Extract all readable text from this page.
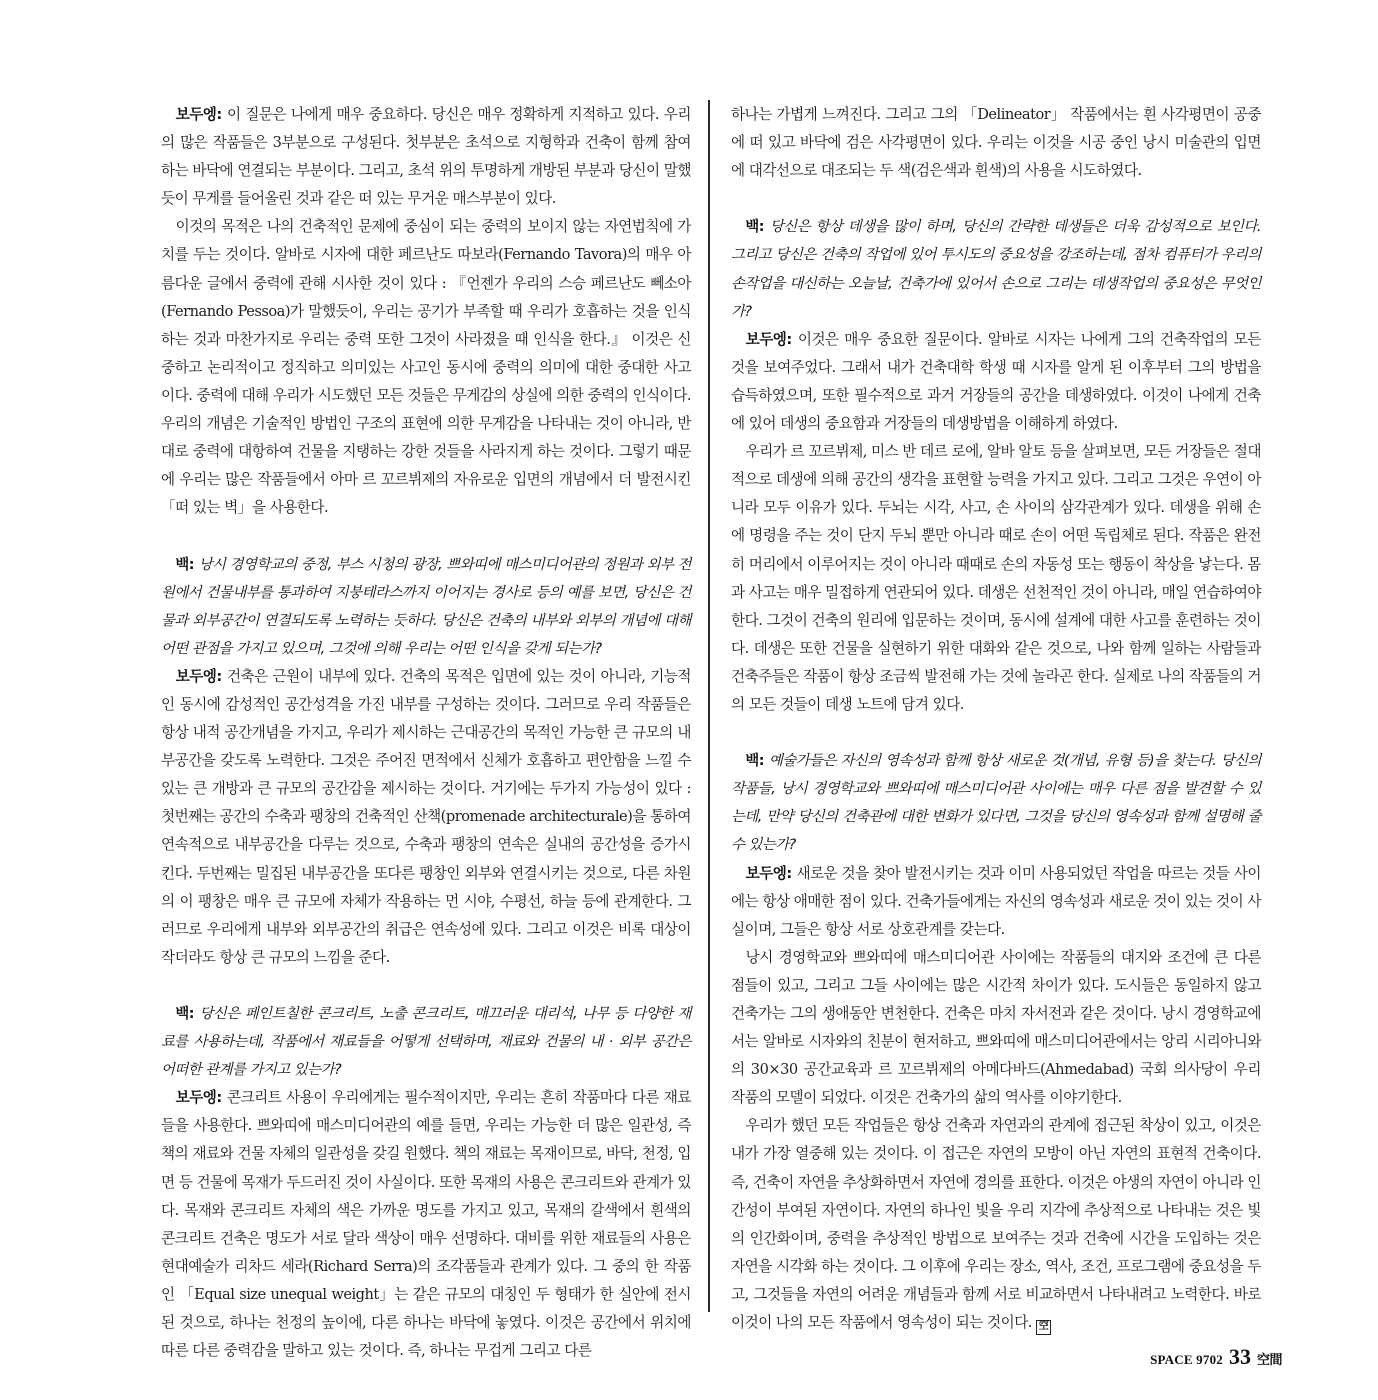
보두엥: 이 질문은 나에게 매우 중요하다. 당신은 매우 정확하게 지적하고 있다. 우리의 많은 작품들은 3부분으로 구성된다. 첫부분은 초석으로 지형학과 건축이 함께 참여하는 바닥에 연결되는 부분이다. 그리고, 초석 위의 투명하게 개방된 부분과 당신이 말했듯이 무게를 들어올린 것과 같은 떠 있는 무거운 매스부분이 있다.

이것의 목적은 나의 건축적인 문제에 중심이 되는 중력의 보이지 않는 자연법칙에 가치를 두는 것이다. 알바로 시자에 대한 페르난도 따보라(Fernando Tavora)의 매우 아름다운 글에서 중력에 관해 시사한 것이 있다 : 『언젠가 우리의 스승 페르난도 뻬소아(Fernando Pessoa)가 말했듯이, 우리는 공기가 부족할 때 우리가 호흡하는 것을 인식하는 것과 마찬가지로 우리는 중력 또한 그것이 사라졌을 때 인식을 한다.』 이것은 신중하고 논리적이고 정직하고 의미있는 사고인 동시에 중력의 의미에 대한 중대한 사고이다. 중력에 대해 우리가 시도했던 모든 것들은 무게감의 상실에 의한 중력의 인식이다. 우리의 개념은 기술적인 방법인 구조의 표현에 의한 무게감을 나타내는 것이 아니라, 반대로 중력에 대항하여 건물을 지탱하는 강한 것들을 사라지게 하는 것이다. 그렇기 때문에 우리는 많은 작품들에서 아마 르 꼬르뷔제의 자유로운 입면의 개념에서 더 발전시킨 「떠 있는 벽」을 사용한다.

백: 낭시 경영학교의 중정, 부스 시청의 광장, 쁘와띠에 매스미디어관의 정원과 외부 전원에서 건물내부를 통과하여 지붕테라스까지 이어지는 경사로 등의 예를 보면, 당신은 건물과 외부공간이 연결되도록 노력하는 듯하다. 당신은 건축의 내부와 외부의 개념에 대해 어떤 관점을 가지고 있으며, 그것에 의해 우리는 어떤 인식을 갖게 되는가?

보두엥: 건축은 근원이 내부에 있다. 건축의 목적은 입면에 있는 것이 아니라, 기능적인 동시에 감성적인 공간성격을 가진 내부를 구성하는 것이다. 그러므로 우리 작품들은 항상 내적 공간개념을 가지고, 우리가 제시하는 근대공간의 목적인 가능한 큰 규모의 내부공간을 갖도록 노력한다. 그것은 주어진 면적에서 신체가 호흡하고 편안함을 느낄 수 있는 큰 개방과 큰 규모의 공간감을 제시하는 것이다. 거기에는 두가지 가능성이 있다 : 첫번째는 공간의 수축과 팽창의 건축적인 산책(promenade architecturale)을 통하여 연속적으로 내부공간을 다루는 것으로, 수축과 팽창의 연속은 실내의 공간성을 증가시킨다. 두번째는 밀집된 내부공간을 또다른 팽창인 외부와 연결시키는 것으로, 다른 차원의 이 팽창은 매우 큰 규모에 자체가 작용하는 먼 시야, 수평선, 하늘 등에 관계한다. 그러므로 우리에게 내부와 외부공간의 취급은 연속성에 있다. 그리고 이것은 비록 대상이 작더라도 항상 큰 규모의 느낌을 준다.

백: 당신은 페인트칠한 콘크리트, 노출 콘크리트, 매끄러운 대리석, 나무 등 다양한 재료를 사용하는데, 작품에서 재료들을 어떻게 선택하며, 재료와 건물의 내 · 외부 공간은 어떠한 관계를 가지고 있는가?

보두엥: 콘크리트 사용이 우리에게는 필수적이지만, 우리는 흔히 작품마다 다른 재료들을 사용한다. 쁘와띠에 매스미디어관의 예를 들면, 우리는 가능한 더 많은 일관성, 즉 책의 재료와 건물 자체의 일관성을 갖길 원했다. 책의 재료는 목재이므로, 바닥, 천정, 입면 등 건물에 목재가 두드러진 것이 사실이다. 또한 목재의 사용은 콘크리트와 관계가 있다. 목재와 콘크리트 자체의 색은 가까운 명도를 가지고 있고, 목재의 갈색에서 흰색의 콘크리트 건축은 명도가 서로 달라 색상이 매우 선명하다. 대비를 위한 재료들의 사용은 현대예술가 리차드 세라(Richard Serra)의 조각품들과 관계가 있다. 그 중의 한 작품인 「Equal size unequal weight」는 같은 규모의 대칭인 두 형태가 한 실안에 전시된 것으로, 하나는 천정의 높이에, 다른 하나는 바닥에 놓였다. 이것은 공간에서 위치에 따른 다른 중력감을 말하고 있는 것이다. 즉, 하나는 무겁게 그리고 다른

하나는 가볍게 느껴진다. 그리고 그의 「Delineator」 작품에서는 흰 사각평면이 공중에 떠 있고 바닥에 검은 사각평면이 있다. 우리는 이것을 시공 중인 낭시 미술관의 입면에 대각선으로 대조되는 두 색(검은색과 흰색)의 사용을 시도하였다.

백: 당신은 항상 데생을 많이 하며, 당신의 간략한 데생들은 더욱 감성적으로 보인다. 그리고 당신은 건축의 작업에 있어 투시도의 중요성을 강조하는데, 점차 컴퓨터가 우리의 손작업을 대신하는 오늘날, 건축가에 있어서 손으로 그리는 데생작업의 중요성은 무엇인가?

보두엥: 이것은 매우 중요한 질문이다. 알바로 시자는 나에게 그의 건축작업의 모든 것을 보여주었다. 그래서 내가 건축대학 학생 때 시자를 알게 된 이후부터 그의 방법을 습득하였으며, 또한 필수적으로 과거 거장들의 공간을 데생하였다. 이것이 나에게 건축에 있어 데생의 중요함과 거장들의 데생방법을 이해하게 하였다.

우리가 르 꼬르뷔제, 미스 반 데르 로에, 알바 알토 등을 살펴보면, 모든 거장들은 절대적으로 데생에 의해 공간의 생각을 표현할 능력을 가지고 있다. 그리고 그것은 우연이 아니라 모두 이유가 있다. 두뇌는 시각, 사고, 손 사이의 삼각관계가 있다. 데생을 위해 손에 명령을 주는 것이 단지 두뇌 뿐만 아니라 때로 손이 어떤 독립체로 된다. 작품은 완전히 머리에서 이루어지는 것이 아니라 때때로 손의 자동성 또는 행동이 착상을 낳는다. 몸과 사고는 매우 밀접하게 연관되어 있다. 데생은 선천적인 것이 아니라, 매일 연습하여야 한다. 그것이 건축의 원리에 입문하는 것이며, 동시에 설계에 대한 사고를 훈련하는 것이다. 데생은 또한 건물을 실현하기 위한 대화와 같은 것으로, 나와 함께 일하는 사람들과 건축주들은 작품이 항상 조금씩 발전해 가는 것에 놀라곤 한다. 실제로 나의 작품들의 거의 모든 것들이 데생 노트에 담겨 있다.

백: 예술가들은 자신의 영속성과 함께 항상 새로운 것(개념, 유형 등)을 찾는다. 당신의 작품들, 낭시 경영학교와 쁘와띠에 매스미디어관 사이에는 매우 다른 점을 발견할 수 있는데, 만약 당신의 건축관에 대한 변화가 있다면, 그것을 당신의 영속성과 함께 설명해 줄 수 있는가?

보두엥: 새로운 것을 찾아 발전시키는 것과 이미 사용되었던 작업을 따르는 것들 사이에는 항상 애매한 점이 있다. 건축가들에게는 자신의 영속성과 새로운 것이 있는 것이 사실이며, 그들은 항상 서로 상호관계를 갖는다.

낭시 경영학교와 쁘와띠에 매스미디어관 사이에는 작품들의 대지와 조건에 큰 다른 점들이 있고, 그리고 그들 사이에는 많은 시간적 차이가 있다. 도시들은 동일하지 않고 건축가는 그의 생애동안 변천한다. 건축은 마치 자서전과 같은 것이다. 낭시 경영학교에서는 알바로 시자와의 친분이 현저하고, 쁘와띠에 매스미디어관에서는 앙리 시리아니와의 30×30 공간교육과 르 꼬르뷔제의 아메다바드(Ahmedabad) 국회 의사당이 우리 작품의 모델이 되었다. 이것은 건축가의 삶의 역사를 이야기한다.

우리가 했던 모든 작업들은 항상 건축과 자연과의 관계에 접근된 착상이 있고, 이것은 내가 가장 열중해 있는 것이다. 이 접근은 자연의 모방이 아닌 자연의 표현적 건축이다. 즉, 건축이 자연을 추상화하면서 자연에 경의를 표한다. 이것은 야생의 자연이 아니라 인간성이 부여된 자연이다. 자연의 하나인 빛을 우리 지각에 추상적으로 나타내는 것은 빛의 인간화이며, 중력을 추상적인 방법으로 보여주는 것과 건축에 시간을 도입하는 것은 자연을 시각화 하는 것이다. 그 이후에 우리는 장소, 역사, 조건, 프로그램에 중요성을 두고, 그것들을 자연의 어려운 개념들과 함께 서로 비교하면서 나타내려고 노력한다. 바로 이것이 나의 모든 작품에서 영속성이 되는 것이다. 空

SPACE 9702 33 空間
